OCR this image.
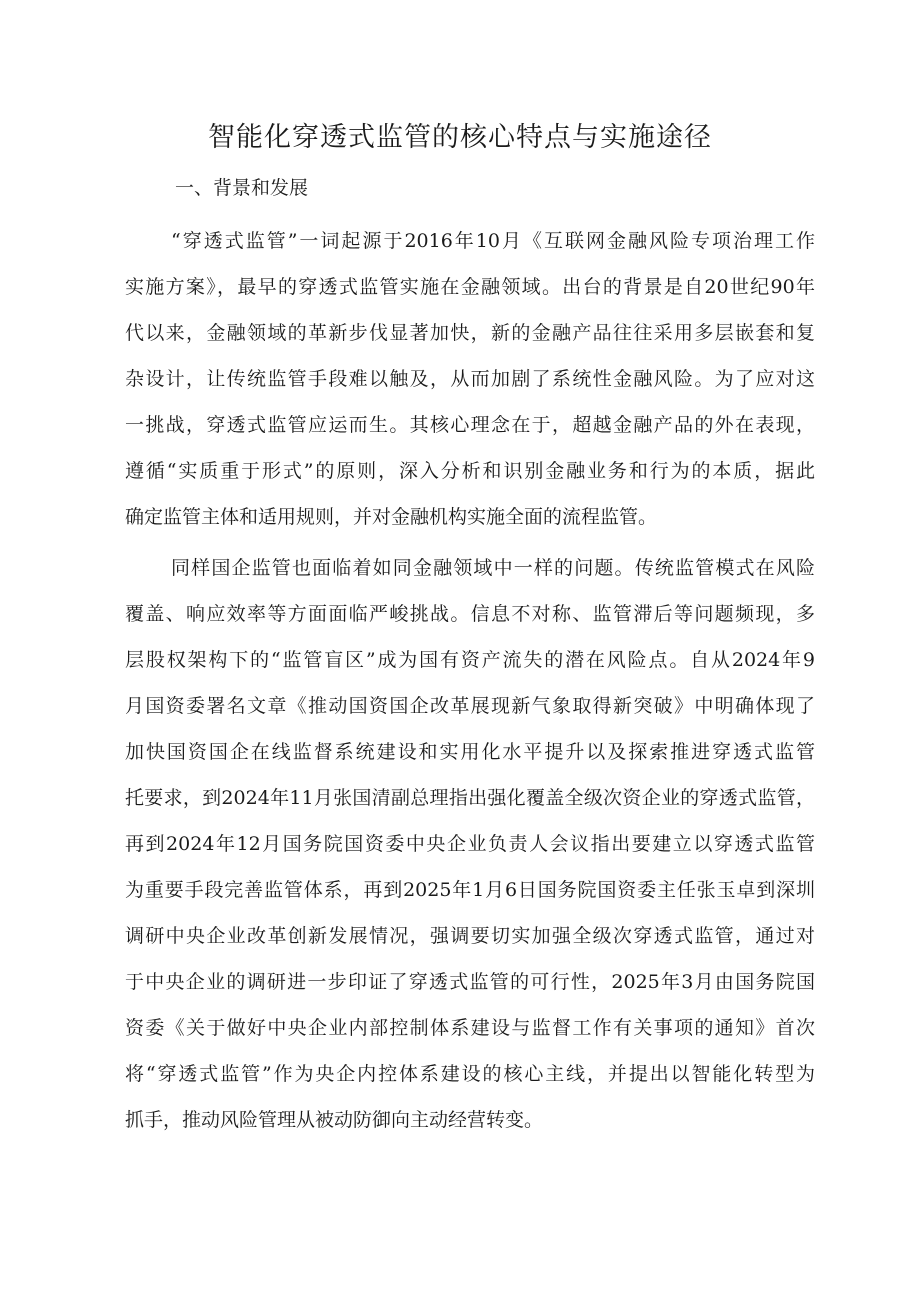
智能化穿透式监管的核心特点与实施途径
一、背景和发展
“穿透式监管”一词起源于2016年10月《互联网金融风险专项治理工作
实施方案》，最早的穿透式监管实施在金融领域。出台的背景是自20世纪90年
代以来，金融领域的革新步伐显著加快，新的金融产品往往采用多层嵌套和复
杂设计，让传统监管手段难以触及，从而加剧了系统性金融风险。为了应对这
一挑战，穿透式监管应运而生。其核心理念在于，超越金融产品的外在表现，
遵循“实质重于形式”的原则，深入分析和识别金融业务和行为的本质，据此
确定监管主体和适用规则，并对金融机构实施全面的流程监管。
同样国企监管也面临着如同金融领域中一样的问题。传统监管模式在风险
覆盖、响应效率等方面面临严峻挑战。信息不对称、监管滞后等问题频现，多
层股权架构下的“监管盲区”成为国有资产流失的潜在风险点。自从2024年9
月国资委署名文章《推动国资国企改革展现新气象取得新突破》中明确体现了
加快国资国企在线监督系统建设和实用化水平提升以及探索推进穿透式监管
托要求，到2024年11月张国清副总理指出强化覆盖全级次资企业的穿透式监管，
再到2024年12月国务院国资委中央企业负责人会议指出要建立以穿透式监管
为重要手段完善监管体系，再到2025年1月6日国务院国资委主任张玉卓到深圳
调研中央企业改革创新发展情况，强调要切实加强全级次穿透式监管，通过对
于中央企业的调研进一步印证了穿透式监管的可行性，2025年3月由国务院国
资委《关于做好中央企业内部控制体系建设与监督工作有关事项的通知》首次
将“穿透式监管”作为央企内控体系建设的核心主线，并提出以智能化转型为
抓手，推动风险管理从被动防御向主动经营转变。
